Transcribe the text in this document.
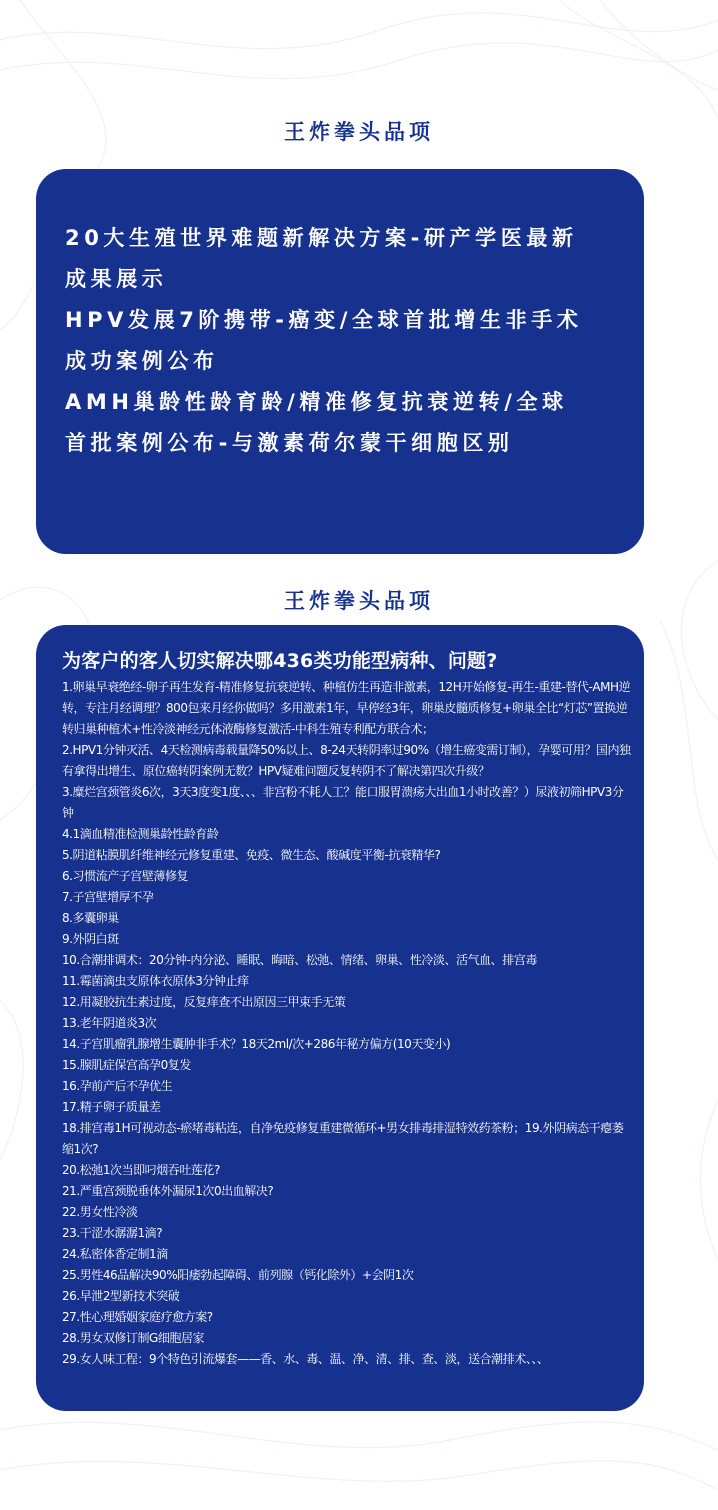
王炸拳头品项
20大生殖世界难题新解决方案-研产学医最新
成果展示
HPV发展7阶携带-癌变/全球首批增生非手术
成功案例公布
AMH巢龄性龄育龄/精准修复抗衰逆转/全球
首批案例公布-与激素荷尔蒙干细胞区别
王炸拳头品项
为客户的客人切实解决哪436类功能型病种、问题?
1.卵巢早衰绝经-卵子再生发育-精准修复抗衰逆转、种植仿生再造非激素，12H开始修复-再生-重建-替代-AMH逆转，专注月经调理？800包来月经你做吗？多用激素1年，早停经3年，卵巢皮髓质修复+卵巢全比“灯芯”置换逆转归巢种植术+性冷淡神经元体液酶修复激活-中科生殖专利配方联合术；
2.HPV1分钟灭活、4天检测病毒载量降50%以上、8-24天转阴率过90%（增生癌变需订制），孕婴可用？国内独有拿得出增生、原位癌转阴案例无数？HPV疑难问题反复转阴不了解决第四次升级？
3.糜烂宫颈管炎6次，3天3度变1度、、、非宫粉不耗人工？能口服胃溃疡大出血1小时改善？）尿液初筛HPV3分钟
4.1滴血精准检测巢龄性龄育龄
5.阴道粘膜肌纤维神经元修复重建、免疫、微生态、酸碱度平衡-抗衰精华?
6.习惯流产子宫壁薄修复
7.子宫壁增厚不孕
8.多囊卵巢
9.外阴白斑
10.合潮排调术：20分钟-内分泌、睡眠、晦暗、松弛、情绪、卵巢、性冷淡、活气血、排宫毒
11.霉菌滴虫支原体衣原体3分钟止痒
12.用凝胶抗生素过度，反复痒查不出原因三甲束手无策
13.老年阴道炎3次
14.子宫肌瘤乳腺增生囊肿非手术？18天2ml/次+286年秘方偏方(10天变小)
15.腺肌症保宫高孕0复发
16.孕前产后不孕优生
17.精子卵子质量差
18.排宫毒1H可视动态-瘀堵毒粘连，自净免疫修复重建微循环+男女排毒排湿特效药茶粉；19.外阴病态干瘪萎缩1次?
20.松弛1次当即叼烟吞吐莲花?
21.严重宫颈脱垂体外漏尿1次0出血解决?
22.男女性冷淡
23.干涩水潺潺1滴?
24.私密体香定制1滴
25.男性46品解决90%阳痿勃起障碍、前列腺（钙化除外）+会阴1次
26.早泄2型新技术突破
27.性心理婚姻家庭疗愈方案?
28.男女双修订制G细胞居家
29.女人味工程：9个特色引流爆套——香、水、毒、温、净、清、排、查、淡，送合潮排术、、、
